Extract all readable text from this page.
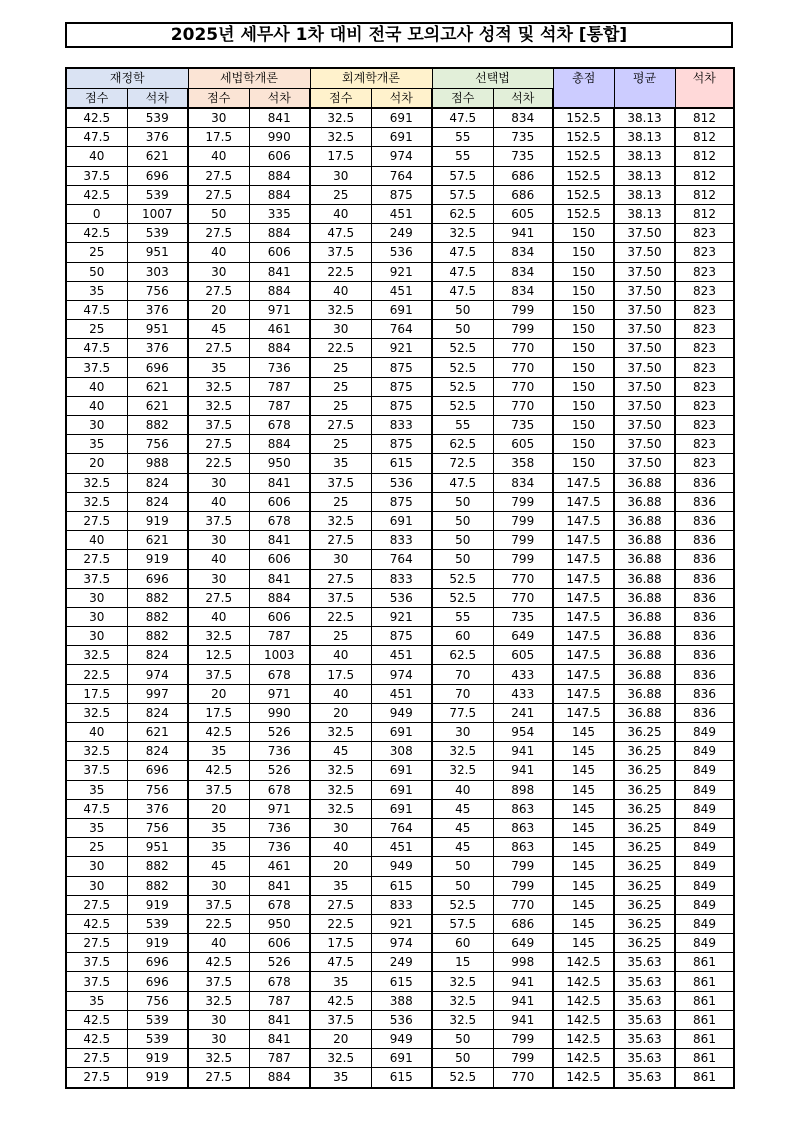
2025년 세무사 1차 대비 전국 모의고사 성적 및 석차 [통합]
재정학		세법학개론		회계학개론		선택법		총점	평균	석차
점수	석차	점수	석차	점수	석차	점수	석차			
42.5	539	30	841	32.5	691	47.5	834	152.5	38.13	812
47.5	376	17.5	990	32.5	691	55	735	152.5	38.13	812
40	621	40	606	17.5	974	55	735	152.5	38.13	812
37.5	696	27.5	884	30	764	57.5	686	152.5	38.13	812
42.5	539	27.5	884	25	875	57.5	686	152.5	38.13	812
0	1007	50	335	40	451	62.5	605	152.5	38.13	812
42.5	539	27.5	884	47.5	249	32.5	941	150	37.50	823
25	951	40	606	37.5	536	47.5	834	150	37.50	823
50	303	30	841	22.5	921	47.5	834	150	37.50	823
35	756	27.5	884	40	451	47.5	834	150	37.50	823
47.5	376	20	971	32.5	691	50	799	150	37.50	823
25	951	45	461	30	764	50	799	150	37.50	823
47.5	376	27.5	884	22.5	921	52.5	770	150	37.50	823
37.5	696	35	736	25	875	52.5	770	150	37.50	823
40	621	32.5	787	25	875	52.5	770	150	37.50	823
40	621	32.5	787	25	875	52.5	770	150	37.50	823
30	882	37.5	678	27.5	833	55	735	150	37.50	823
35	756	27.5	884	25	875	62.5	605	150	37.50	823
20	988	22.5	950	35	615	72.5	358	150	37.50	823
32.5	824	30	841	37.5	536	47.5	834	147.5	36.88	836
32.5	824	40	606	25	875	50	799	147.5	36.88	836
27.5	919	37.5	678	32.5	691	50	799	147.5	36.88	836
40	621	30	841	27.5	833	50	799	147.5	36.88	836
27.5	919	40	606	30	764	50	799	147.5	36.88	836
37.5	696	30	841	27.5	833	52.5	770	147.5	36.88	836
30	882	27.5	884	37.5	536	52.5	770	147.5	36.88	836
30	882	40	606	22.5	921	55	735	147.5	36.88	836
30	882	32.5	787	25	875	60	649	147.5	36.88	836
32.5	824	12.5	1003	40	451	62.5	605	147.5	36.88	836
22.5	974	37.5	678	17.5	974	70	433	147.5	36.88	836
17.5	997	20	971	40	451	70	433	147.5	36.88	836
32.5	824	17.5	990	20	949	77.5	241	147.5	36.88	836
40	621	42.5	526	32.5	691	30	954	145	36.25	849
32.5	824	35	736	45	308	32.5	941	145	36.25	849
37.5	696	42.5	526	32.5	691	32.5	941	145	36.25	849
35	756	37.5	678	32.5	691	40	898	145	36.25	849
47.5	376	20	971	32.5	691	45	863	145	36.25	849
35	756	35	736	30	764	45	863	145	36.25	849
25	951	35	736	40	451	45	863	145	36.25	849
30	882	45	461	20	949	50	799	145	36.25	849
30	882	30	841	35	615	50	799	145	36.25	849
27.5	919	37.5	678	27.5	833	52.5	770	145	36.25	849
42.5	539	22.5	950	22.5	921	57.5	686	145	36.25	849
27.5	919	40	606	17.5	974	60	649	145	36.25	849
37.5	696	42.5	526	47.5	249	15	998	142.5	35.63	861
37.5	696	37.5	678	35	615	32.5	941	142.5	35.63	861
35	756	32.5	787	42.5	388	32.5	941	142.5	35.63	861
42.5	539	30	841	37.5	536	32.5	941	142.5	35.63	861
42.5	539	30	841	20	949	50	799	142.5	35.63	861
27.5	919	32.5	787	32.5	691	50	799	142.5	35.63	861
27.5	919	27.5	884	35	615	52.5	770	142.5	35.63	861
